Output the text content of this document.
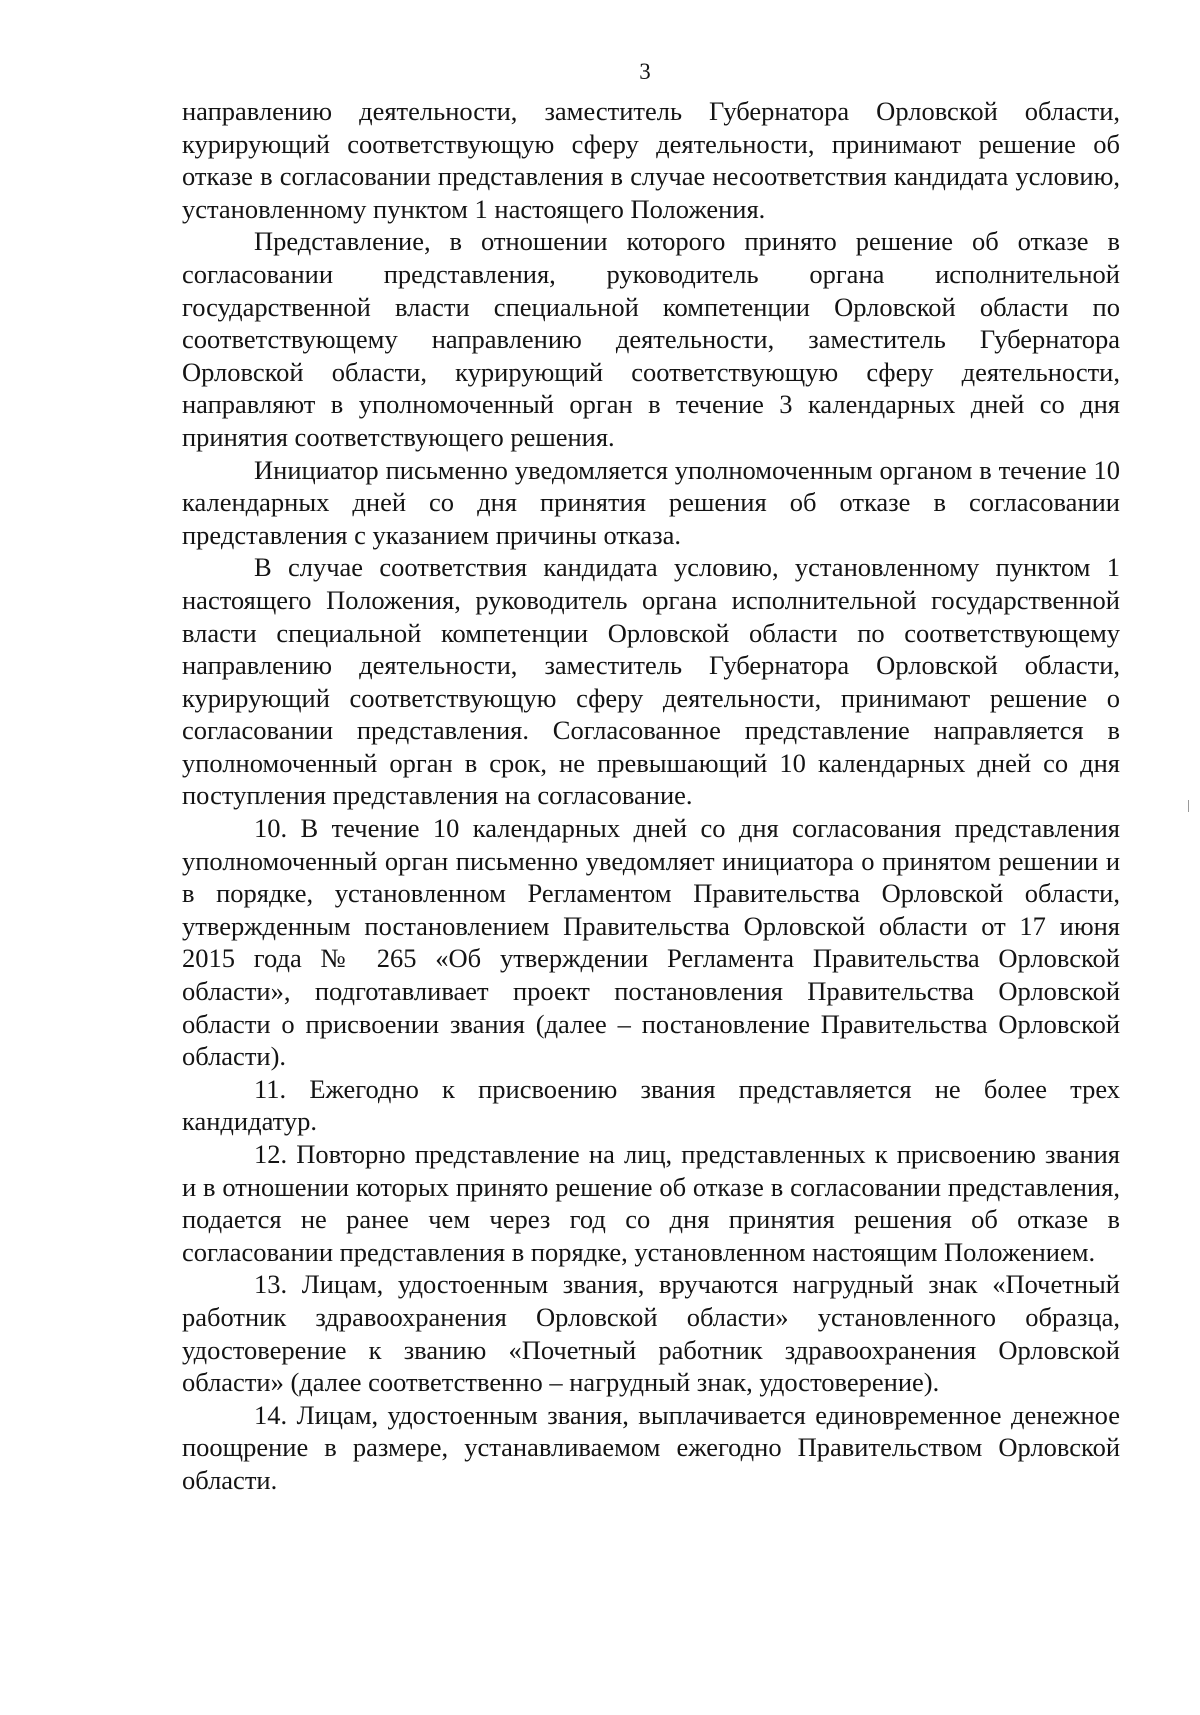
3

направлению деятельности, заместитель Губернатора Орловской области, курирующий соответствующую сферу деятельности, принимают решение об отказе в согласовании представления в случае несоответствия кандидата условию, установленному пунктом 1 настоящего Положения.

Представление, в отношении которого принято решение об отказе в согласовании представления, руководитель органа исполнительной государственной власти специальной компетенции Орловской области по соответствующему направлению деятельности, заместитель Губернатора Орловской области, курирующий соответствующую сферу деятельности, направляют в уполномоченный орган в течение 3 календарных дней со дня принятия соответствующего решения.

Инициатор письменно уведомляется уполномоченным органом в течение 10 календарных дней со дня принятия решения об отказе в согласовании представления с указанием причины отказа.

В случае соответствия кандидата условию, установленному пунктом 1 настоящего Положения, руководитель органа исполнительной государственной власти специальной компетенции Орловской области по соответствующему направлению деятельности, заместитель Губернатора Орловской области, курирующий соответствующую сферу деятельности, принимают решение о согласовании представления. Согласованное представление направляется в уполномоченный орган в срок, не превышающий 10 календарных дней со дня поступления представления на согласование.

10. В течение 10 календарных дней со дня согласования представления уполномоченный орган письменно уведомляет инициатора о принятом решении и в порядке, установленном Регламентом Правительства Орловской области, утвержденным постановлением Правительства Орловской области от 17 июня 2015 года № 265 «Об утверждении Регламента Правительства Орловской области», подготавливает проект постановления Правительства Орловской области о присвоении звания (далее – постановление Правительства Орловской области).

11. Ежегодно к присвоению звания представляется не более трех кандидатур.

12. Повторно представление на лиц, представленных к присвоению звания и в отношении которых принято решение об отказе в согласовании представления, подается не ранее чем через год со дня принятия решения об отказе в согласовании представления в порядке, установленном настоящим Положением.

13. Лицам, удостоенным звания, вручаются нагрудный знак «Почетный работник здравоохранения Орловской области» установленного образца, удостоверение к званию «Почетный работник здравоохранения Орловской области» (далее соответственно – нагрудный знак, удостоверение).

14. Лицам, удостоенным звания, выплачивается единовременное денежное поощрение в размере, устанавливаемом ежегодно Правительством Орловской области.
